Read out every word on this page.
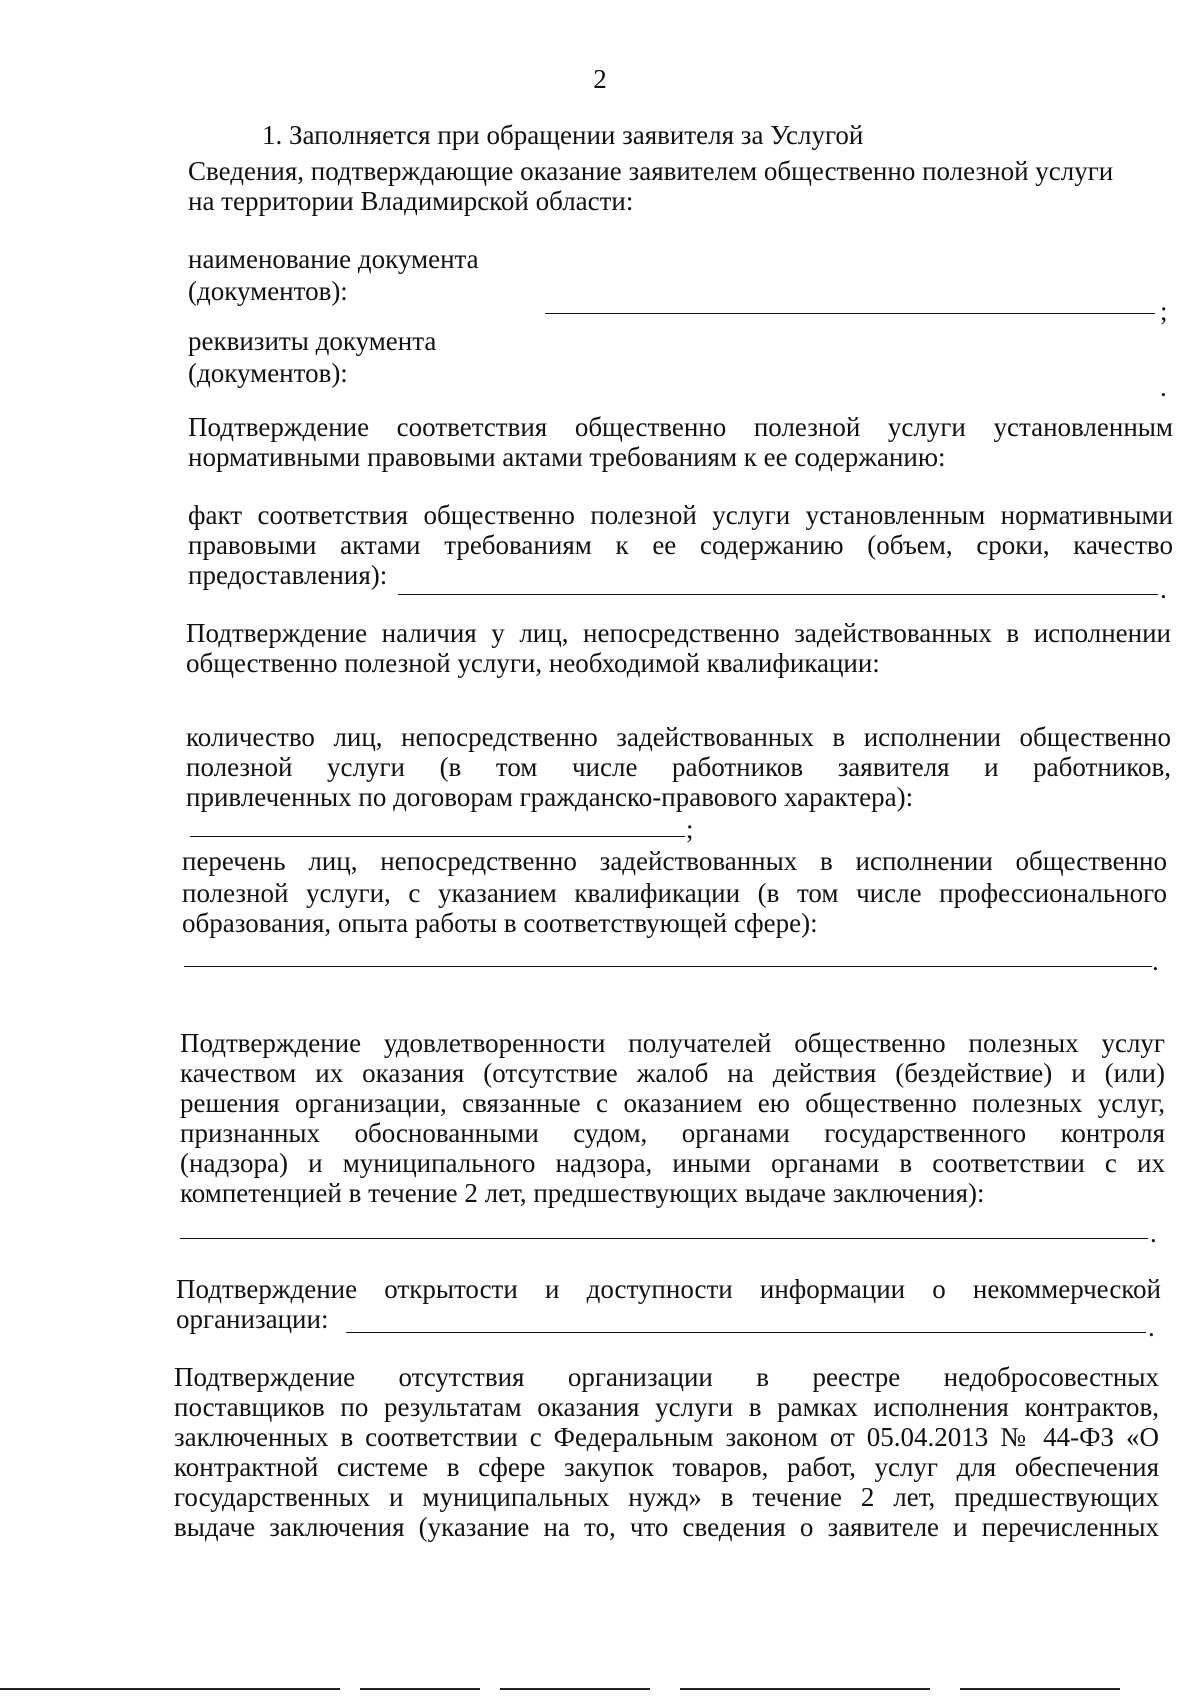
2
1. Заполняется при обращении заявителя за Услугой
Сведения, подтверждающие оказание заявителем общественно полезной услуги
на территории Владимирской области:
наименование документа
(документов):
;
реквизиты документа
(документов):	.
Подтверждение соответствия общественно полезной услуги установленным
нормативными правовыми актами требованиям к ее содержанию:
факт соответствия общественно полезной услуги установленным нормативными
правовыми актами требованиям к ее содержанию (объем, сроки, качество
предоставления):	.
Подтверждение наличия у лиц, непосредственно задействованных в исполнении
общественно полезной услуги, необходимой квалификации:
количество лиц, непосредственно задействованных в исполнении общественно
полезной услуги (в том числе работников заявителя и работников,
привлеченных по договорам гражданско-правового характера):
;
перечень лиц, непосредственно задействованных в исполнении общественно
полезной услуги, с указанием квалификации (в том числе профессионального
образования, опыта работы в соответствующей сфере):
.
Подтверждение удовлетворенности получателей общественно полезных услуг
качеством их оказания (отсутствие жалоб на действия (бездействие) и (или)
решения организации, связанные с оказанием ею общественно полезных услуг,
признанных обоснованными судом, органами государственного контроля
(надзора) и муниципального надзора, иными органами в соответствии с их
компетенцией в течение 2 лет, предшествующих выдаче заключения):
.
Подтверждение открытости и доступности информации о некоммерческой
организации:	.
Подтверждение отсутствия организации в реестре недобросовестных
поставщиков по результатам оказания услуги в рамках исполнения контрактов,
заключенных в соответствии с Федеральным законом от 05.04.2013 № 44-ФЗ «О
контрактной системе в сфере закупок товаров, работ, услуг для обеспечения
государственных и муниципальных нужд» в течение 2 лет, предшествующих
выдаче заключения (указание на то, что сведения о заявителе и перечисленных
